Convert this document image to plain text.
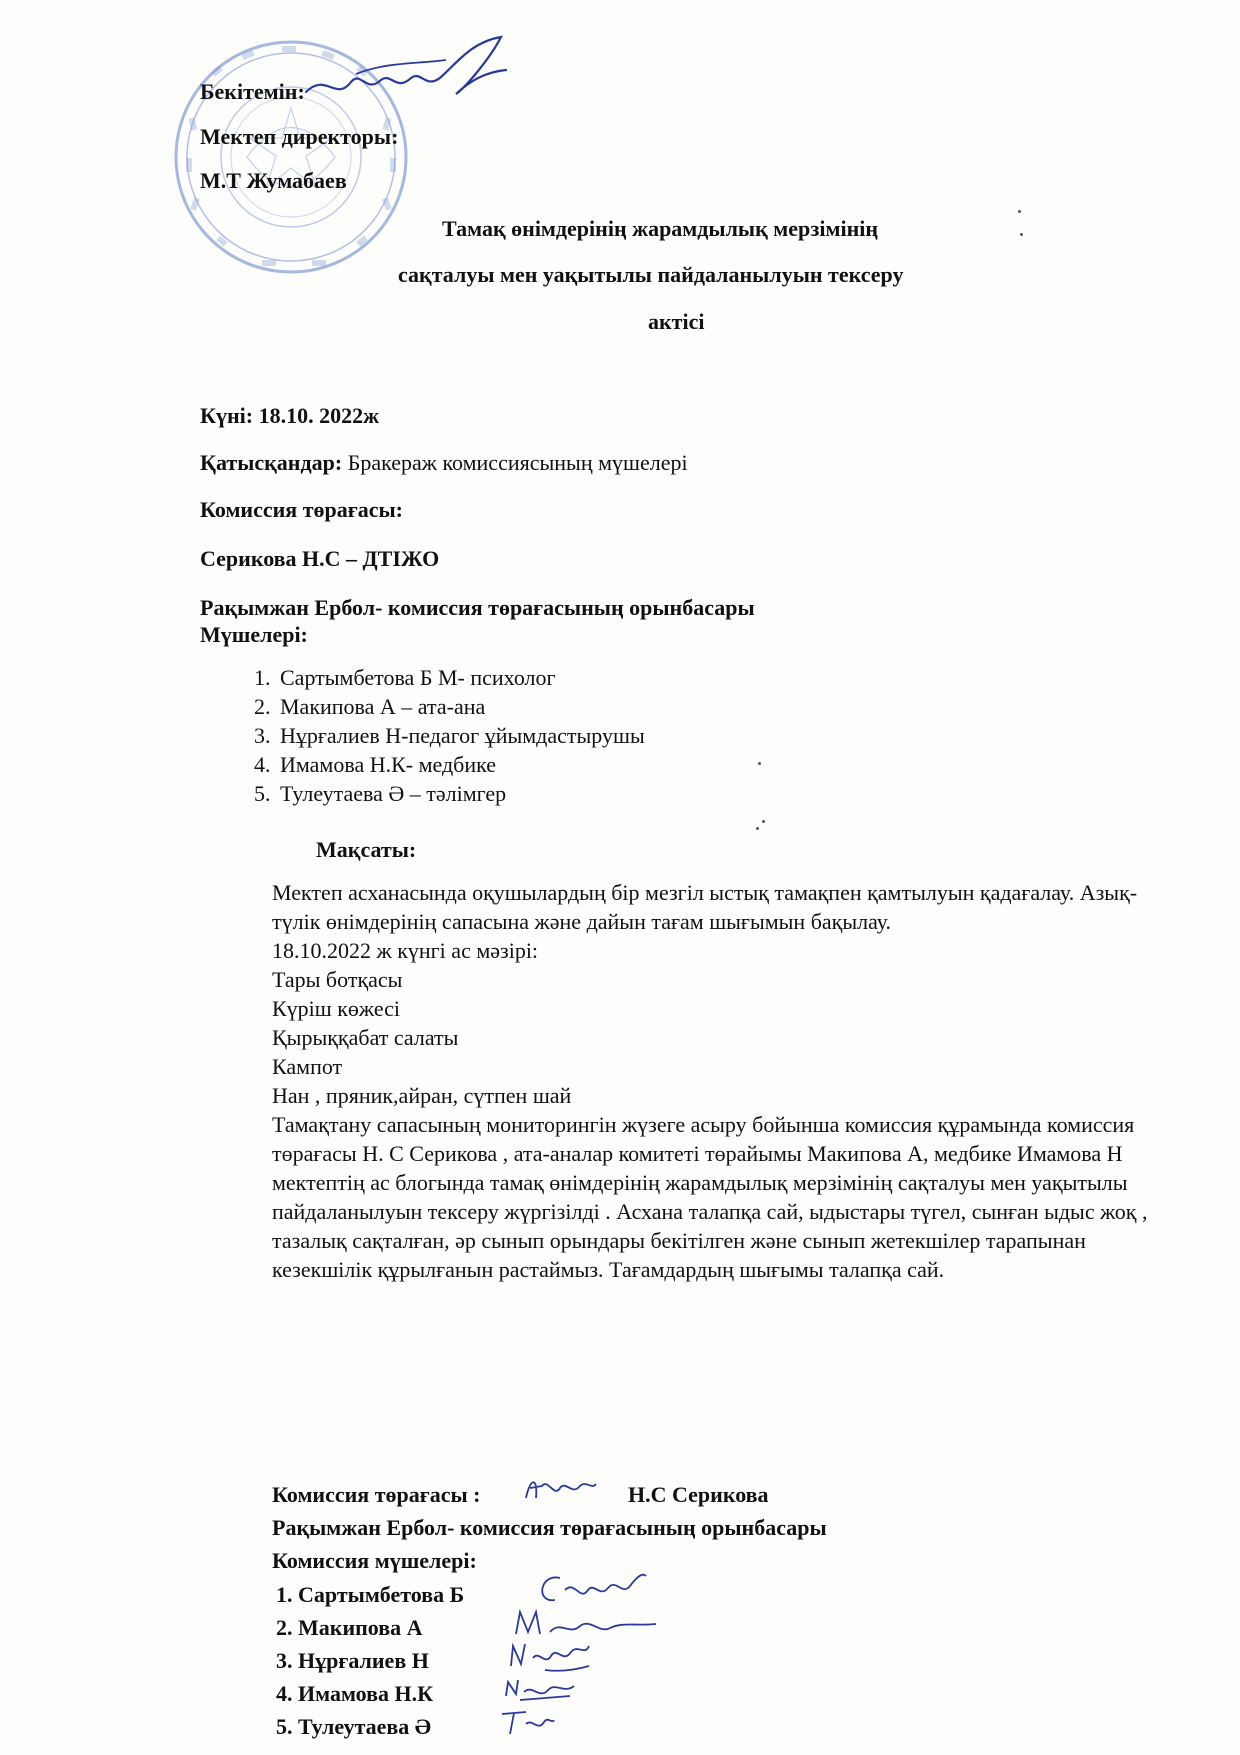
Бекітемін:
Мектеп директоры:
М.Т Жумабаев
Тамақ өнімдерінің жарамдылық мерзімінің
сақталуы мен уақытылы пайдаланылуын тексеру
актісі
Күні: 18.10. 2022ж
Қатысқандар: Бракераж комиссиясының мүшелері
Комиссия төрағасы:
Серикова Н.С – ДТІЖО
Рақымжан Ербол- комиссия төрағасының орынбасары
Мүшелері:
1. Сартымбетова Б М- психолог
2. Макипова А – ата-ана
3. Нұрғалиев Н-педагог ұйымдастырушы
4. Имамова Н.К- медбике
5. Тулеутаева Ә – тәлімгер
Мақсаты:
Мектеп асханасында оқушылардың бір мезгіл ыстық тамақпен қамтылуын қадағалау. Азық-түлік өнімдерінің сапасына және дайын тағам шығымын бақылау.
18.10.2022 ж күнгі ас мәзірі:
Тары ботқасы
Күріш көжесі
Қырыққабат салаты
Кампот
Нан , пряник,айран, сүтпен шай
Тамақтану сапасының мониторингін жүзеге асыру бойынша комиссия құрамында комиссия төрағасы Н. С Серикова , ата-аналар комитеті төрайымы Макипова А, медбике Имамова Н мектептің ас блогында тамақ өнімдерінің жарамдылық мерзімінің сақталуы мен уақытылы пайдаланылуын тексеру жүргізілді . Асхана талапқа сай, ыдыстары түгел, сынған ыдыс жоқ , тазалық сақталған, әр сынып орындары бекітілген және сынып жетекшілер тарапынан кезекшілік құрылғанын растаймыз. Тағамдардың шығымы талапқа сай.
Комиссия төрағасы :	Н.С Серикова
Рақымжан Ербол- комиссия төрағасының орынбасары
Комиссия мүшелері:
1. Сартымбетова Б
2. Макипова А
3. Нұрғалиев Н
4. Имамова Н.К
5. Тулеутаева Ә
